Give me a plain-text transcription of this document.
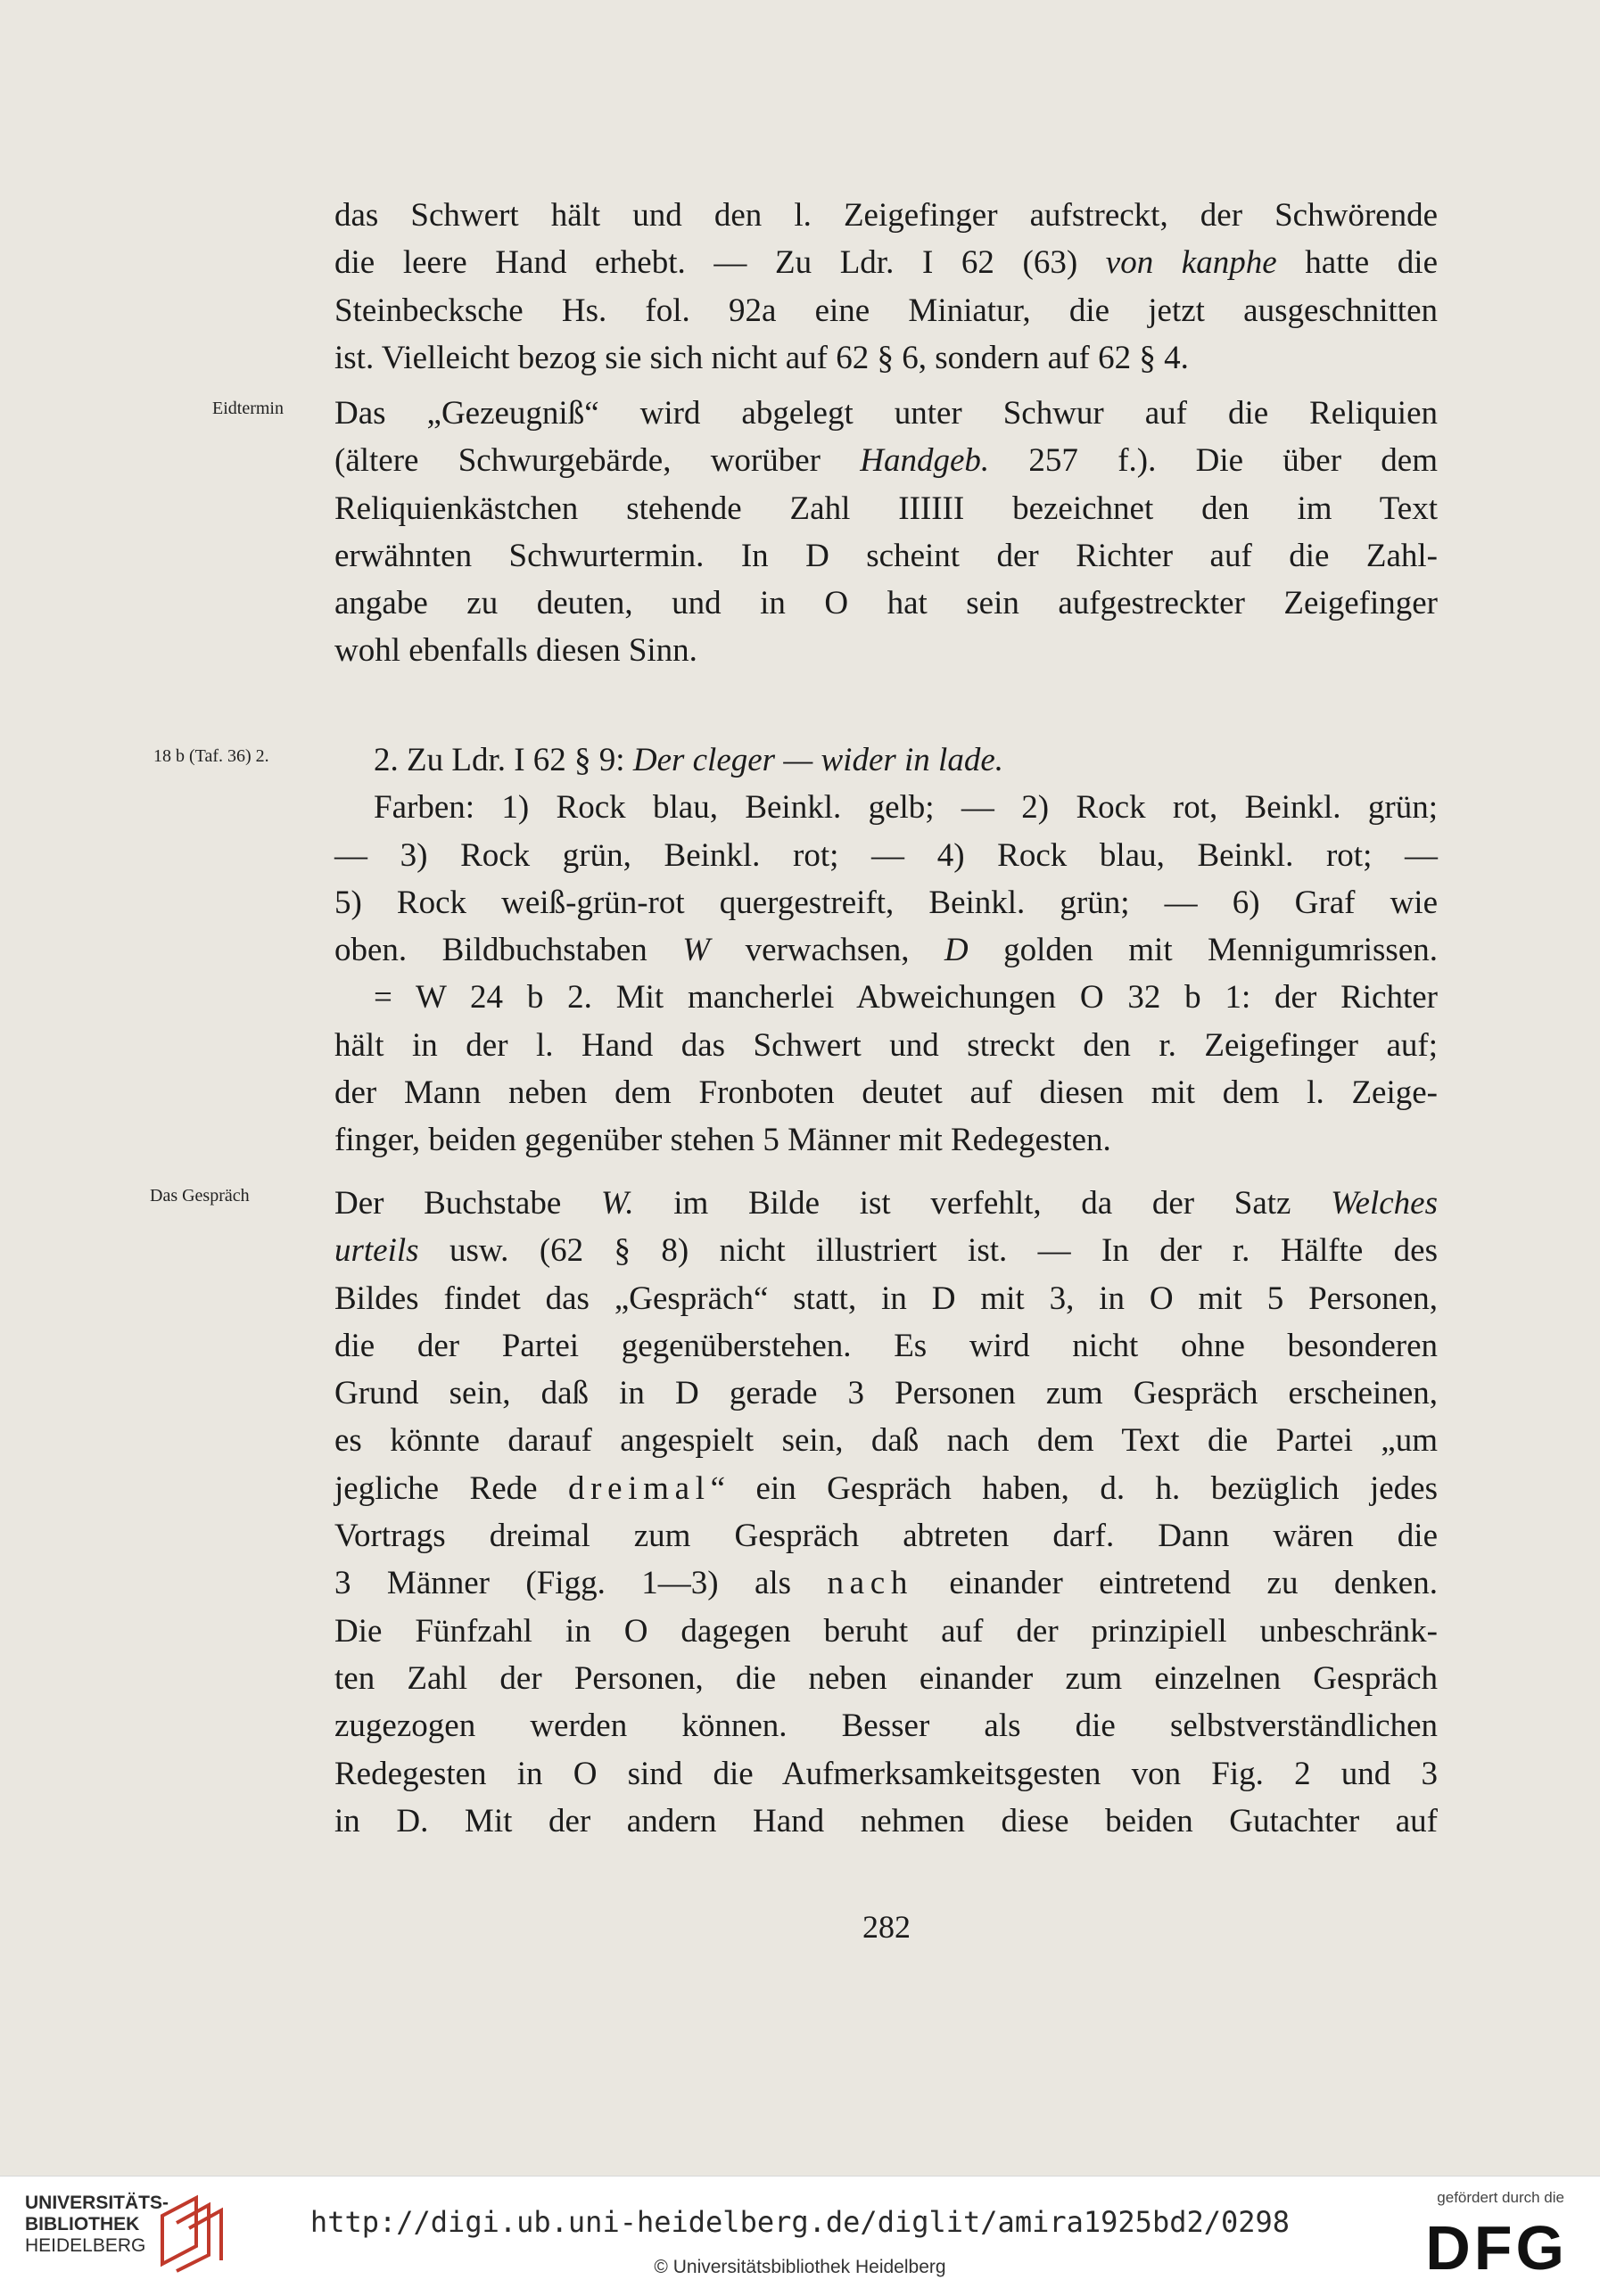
Eidtermin
18 b (Taf. 36) 2.
Das Gespräch

das Schwert hält und den l. Zeigefinger aufstreckt, der Schwörende
die leere Hand erhebt. — Zu Ldr. I 62 (63) von kanphe hatte die
Steinbecksche Hs. fol. 92a eine Miniatur, die jetzt ausgeschnitten
ist. Vielleicht bezog sie sich nicht auf 62 § 6, sondern auf 62 § 4.

Das „Gezeugniß“ wird abgelegt unter Schwur auf die Reliquien
(ältere Schwurgebärde, worüber Handgeb. 257 f.). Die über dem
Reliquienkästchen stehende Zahl IIIIII bezeichnet den im Text
erwähnten Schwurtermin. In D scheint der Richter auf die Zahl-
angabe zu deuten, und in O hat sein aufgestreckter Zeigefinger
wohl ebenfalls diesen Sinn.

2. Zu Ldr. I 62 § 9: Der cleger — wider in lade.
Farben: 1) Rock blau, Beinkl. gelb; — 2) Rock rot, Beinkl. grün;
— 3) Rock grün, Beinkl. rot; — 4) Rock blau, Beinkl. rot; —
5) Rock weiß-grün-rot quergestreift, Beinkl. grün; — 6) Graf wie
oben. Bildbuchstaben W verwachsen, D golden mit Mennigumrissen.
= W 24 b 2. Mit mancherlei Abweichungen O 32 b 1: der Richter
hält in der l. Hand das Schwert und streckt den r. Zeigefinger auf;
der Mann neben dem Fronboten deutet auf diesen mit dem l. Zeige-
finger, beiden gegenüber stehen 5 Männer mit Redegesten.

Der Buchstabe W. im Bilde ist verfehlt, da der Satz Welches
urteils usw. (62 § 8) nicht illustriert ist. — In der r. Hälfte des
Bildes findet das „Gespräch“ statt, in D mit 3, in O mit 5 Personen,
die der Partei gegenüberstehen. Es wird nicht ohne besonderen
Grund sein, daß in D gerade 3 Personen zum Gespräch erscheinen,
es könnte darauf angespielt sein, daß nach dem Text die Partei „um
jegliche Rede dreimal“ ein Gespräch haben, d. h. bezüglich jedes
Vortrags dreimal zum Gespräch abtreten darf. Dann wären die
3 Männer (Figg. 1—3) als nach einander eintretend zu denken.
Die Fünfzahl in O dagegen beruht auf der prinzipiell unbeschränk-
ten Zahl der Personen, die neben einander zum einzelnen Gespräch
zugezogen werden können. Besser als die selbstverständlichen
Redegesten in O sind die Aufmerksamkeitsgesten von Fig. 2 und 3
in D. Mit der andern Hand nehmen diese beiden Gutachter auf

282
UNIVERSITÄTS-
BIBLIOTHEK
HEIDELBERG
http://digi.ub.uni-heidelberg.de/diglit/amira1925bd2/0298
© Universitätsbibliothek Heidelberg
gefördert durch die
DFG
